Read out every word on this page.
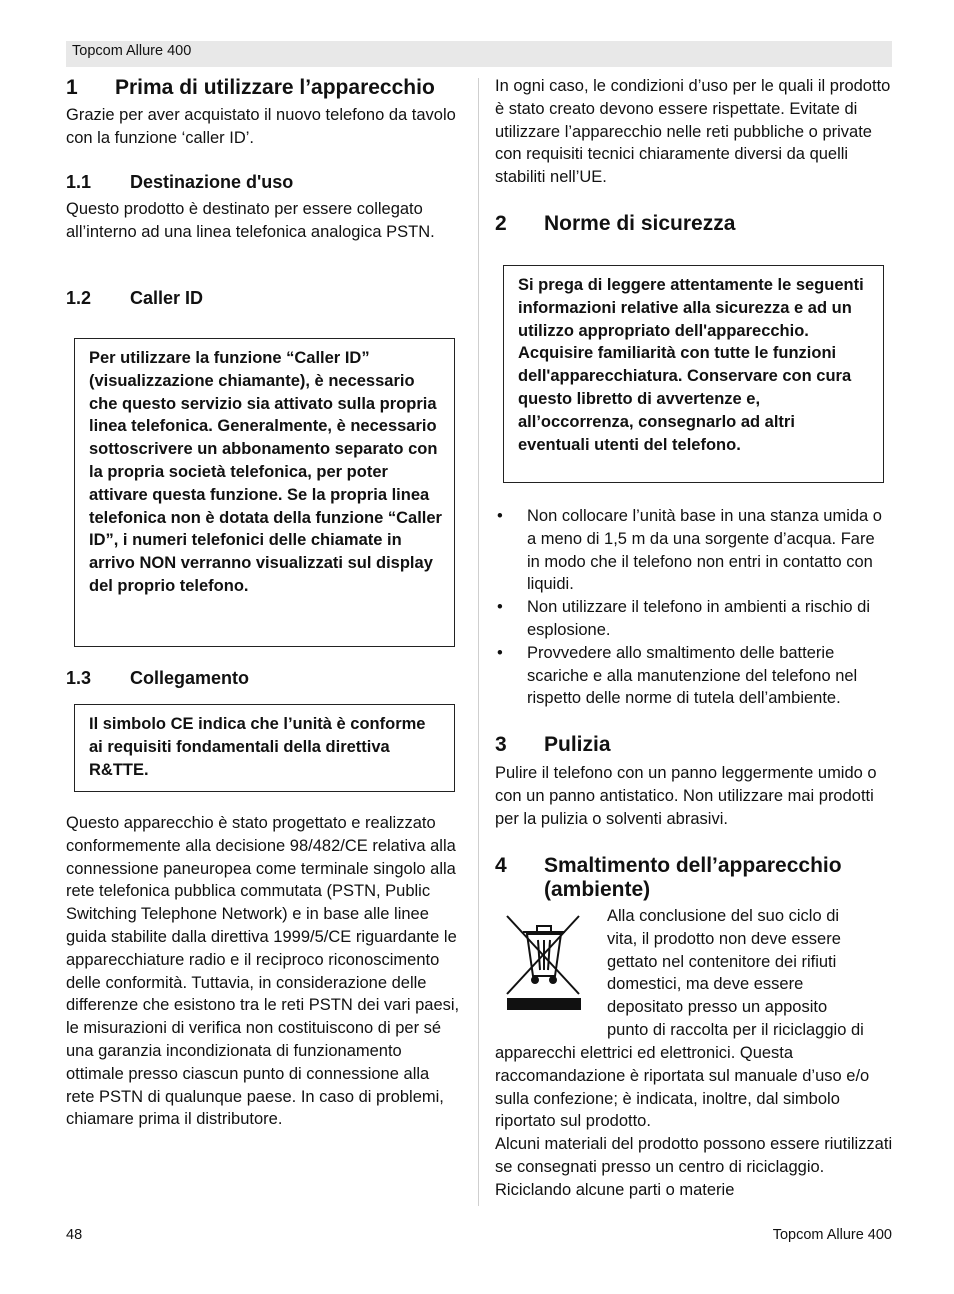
Topcom Allure 400
1 Prima di utilizzare l’apparecchio
Grazie per aver acquistato il nuovo telefono da tavolo con la funzione ‘caller ID’.
1.1 Destinazione d'uso
Questo prodotto è destinato per essere collegato all’interno ad una linea telefonica analogica PSTN.
1.2 Caller ID
Per utilizzare la funzione “Caller ID” (visualizzazione chiamante), è necessario che questo servizio sia attivato sulla propria linea telefonica. Generalmente, è necessario sottoscrivere un abbonamento separato con la propria società telefonica, per poter attivare questa funzione. Se la propria linea telefonica non è dotata della funzione “Caller ID”, i numeri telefonici delle chiamate in arrivo NON verranno visualizzati sul display del proprio telefono.
1.3 Collegamento
Il simbolo CE indica che l’unità è conforme ai requisiti fondamentali della direttiva R&TTE.
Questo apparecchio è stato progettato e realizzato conformemente alla decisione 98/482/CE relativa alla connessione paneuropea come terminale singolo alla rete telefonica pubblica commutata (PSTN, Public Switching Telephone Network) e in base alle linee guida stabilite dalla direttiva 1999/5/CE riguardante le apparecchiature radio e il reciproco riconoscimento delle conformità. Tuttavia, in considerazione delle differenze che esistono tra le reti PSTN dei vari paesi, le misurazioni di verifica non costituiscono di per sé una garanzia incondizionata di funzionamento ottimale presso ciascun punto di connessione alla rete PSTN di qualunque paese. In caso di problemi, chiamare prima il distributore.
In ogni caso, le condizioni d’uso per le quali il prodotto è stato creato devono essere rispettate. Evitate di utilizzare l’apparecchio nelle reti pubbliche o private con requisiti tecnici chiaramente diversi da quelli stabiliti nell’UE.
2 Norme di sicurezza
Si prega di leggere attentamente le seguenti informazioni relative alla sicurezza e ad un utilizzo appropriato dell'apparecchio. Acquisire familiarità con tutte le funzioni dell'apparecchiatura. Conservare con cura questo libretto di avvertenze e, all’occorrenza, consegnarlo ad altri eventuali utenti del telefono.
• Non collocare l’unità base in una stanza umida o a meno di 1,5 m da una sorgente d’acqua. Fare in modo che il telefono non entri in contatto con liquidi.
• Non utilizzare il telefono in ambienti a rischio di esplosione.
• Provvedere allo smaltimento delle batterie scariche e alla manutenzione del telefono nel rispetto delle norme di tutela dell’ambiente.
3 Pulizia
Pulire il telefono con un panno leggermente umido o con un panno antistatico. Non utilizzare mai prodotti per la pulizia o solventi abrasivi.
4 Smaltimento dell’apparecchio
(ambiente)
Alla conclusione del suo ciclo di
vita, il prodotto non deve essere
gettato nel contenitore dei rifiuti
domestici, ma deve essere
depositato presso un apposito
punto di raccolta per il riciclaggio di
apparecchi elettrici ed elettronici. Questa raccomandazione è riportata sul manuale d’uso e/o sulla confezione; è indicata, inoltre, dal simbolo riportato sul prodotto.
Alcuni materiali del prodotto possono essere riutilizzati se consegnati presso un centro di riciclaggio. Riciclando alcune parti o materie
48	Topcom Allure 400
